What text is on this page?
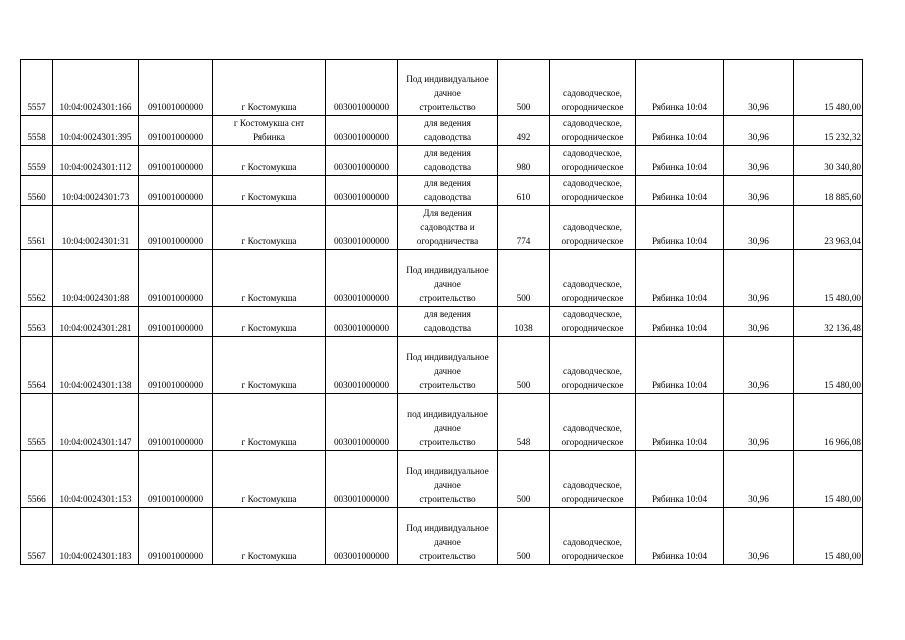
5557	10:04:0024301:166	091001000000	г Костомукша	003001000000	Под индивидуальное
дачное
строительство	500	садоводческое,
огородническое	Рябинка 10:04	30,96	15 480,00
5558	10:04:0024301:395	091001000000	г Костомукша снт
Рябинка	003001000000	для ведения
садоводства	492	садоводческое,
огородническое	Рябинка 10:04	30,96	15 232,32
5559	10:04:0024301:112	091001000000	г Костомукша	003001000000	для ведения
садоводства	980	садоводческое,
огородническое	Рябинка 10:04	30,96	30 340,80
5560	10:04:0024301:73	091001000000	г Костомукша	003001000000	для ведения
садоводства	610	садоводческое,
огородническое	Рябинка 10:04	30,96	18 885,60
5561	10:04:0024301:31	091001000000	г Костомукша	003001000000	Для ведения
садоводства и
огородничества	774	садоводческое,
огородническое	Рябинка 10:04	30,96	23 963,04
5562	10:04:0024301:88	091001000000	г Костомукша	003001000000	Под индивидуальное
дачное
строительство	500	садоводческое,
огородническое	Рябинка 10:04	30,96	15 480,00
5563	10:04:0024301:281	091001000000	г Костомукша	003001000000	для ведения
садоводства	1038	садоводческое,
огородническое	Рябинка 10:04	30,96	32 136,48
5564	10:04:0024301:138	091001000000	г Костомукша	003001000000	Под индивидуальное
дачное
строительство	500	садоводческое,
огородническое	Рябинка 10:04	30,96	15 480,00
5565	10:04:0024301:147	091001000000	г Костомукша	003001000000	под индивидуальное
дачное
строительство	548	садоводческое,
огородническое	Рябинка 10:04	30,96	16 966,08
5566	10:04:0024301:153	091001000000	г Костомукша	003001000000	Под индивидуальное
дачное
строительство	500	садоводческое,
огородническое	Рябинка 10:04	30,96	15 480,00
5567	10:04:0024301:183	091001000000	г Костомукша	003001000000	Под индивидуальное
дачное
строительство	500	садоводческое,
огородническое	Рябинка 10:04	30,96	15 480,00
